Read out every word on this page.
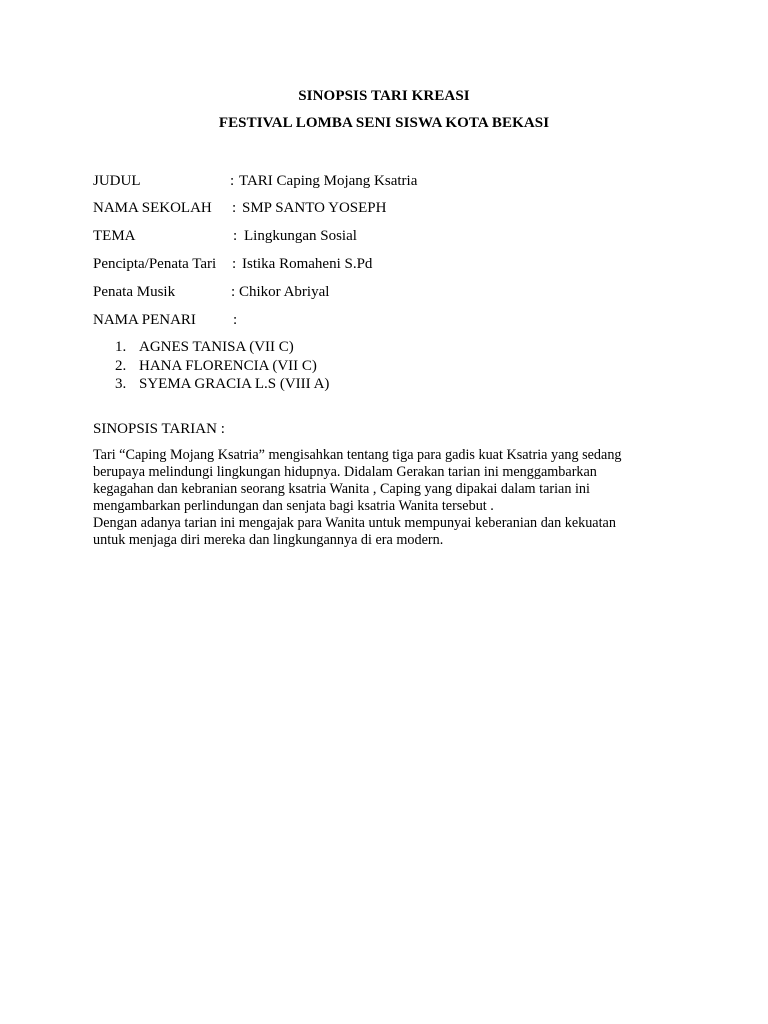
SINOPSIS TARI KREASI
FESTIVAL LOMBA SENI SISWA KOTA BEKASI
JUDUL	: TARI Caping Mojang Ksatria
NAMA SEKOLAH : SMP SANTO YOSEPH
TEMA	: Lingkungan Sosial
Pencipta/Penata Tari : Istika Romaheni S.Pd
Penata Musik	: Chikor Abriyal
NAMA PENARI :
1. AGNES TANISA (VII C)
2. HANA FLORENCIA (VII C)
3. SYEMA GRACIA L.S (VIII A)
SINOPSIS TARIAN :
Tari “Caping Mojang Ksatria” mengisahkan tentang tiga para gadis kuat Ksatria yang sedang
berupaya melindungi lingkungan hidupnya. Didalam Gerakan tarian ini menggambarkan
kegagahan dan kebranian seorang ksatria Wanita , Caping yang dipakai dalam tarian ini
mengambarkan perlindungan dan senjata bagi ksatria Wanita tersebut .
Dengan adanya tarian ini mengajak para Wanita untuk mempunyai keberanian dan kekuatan
untuk menjaga diri mereka dan lingkungannya di era modern.
